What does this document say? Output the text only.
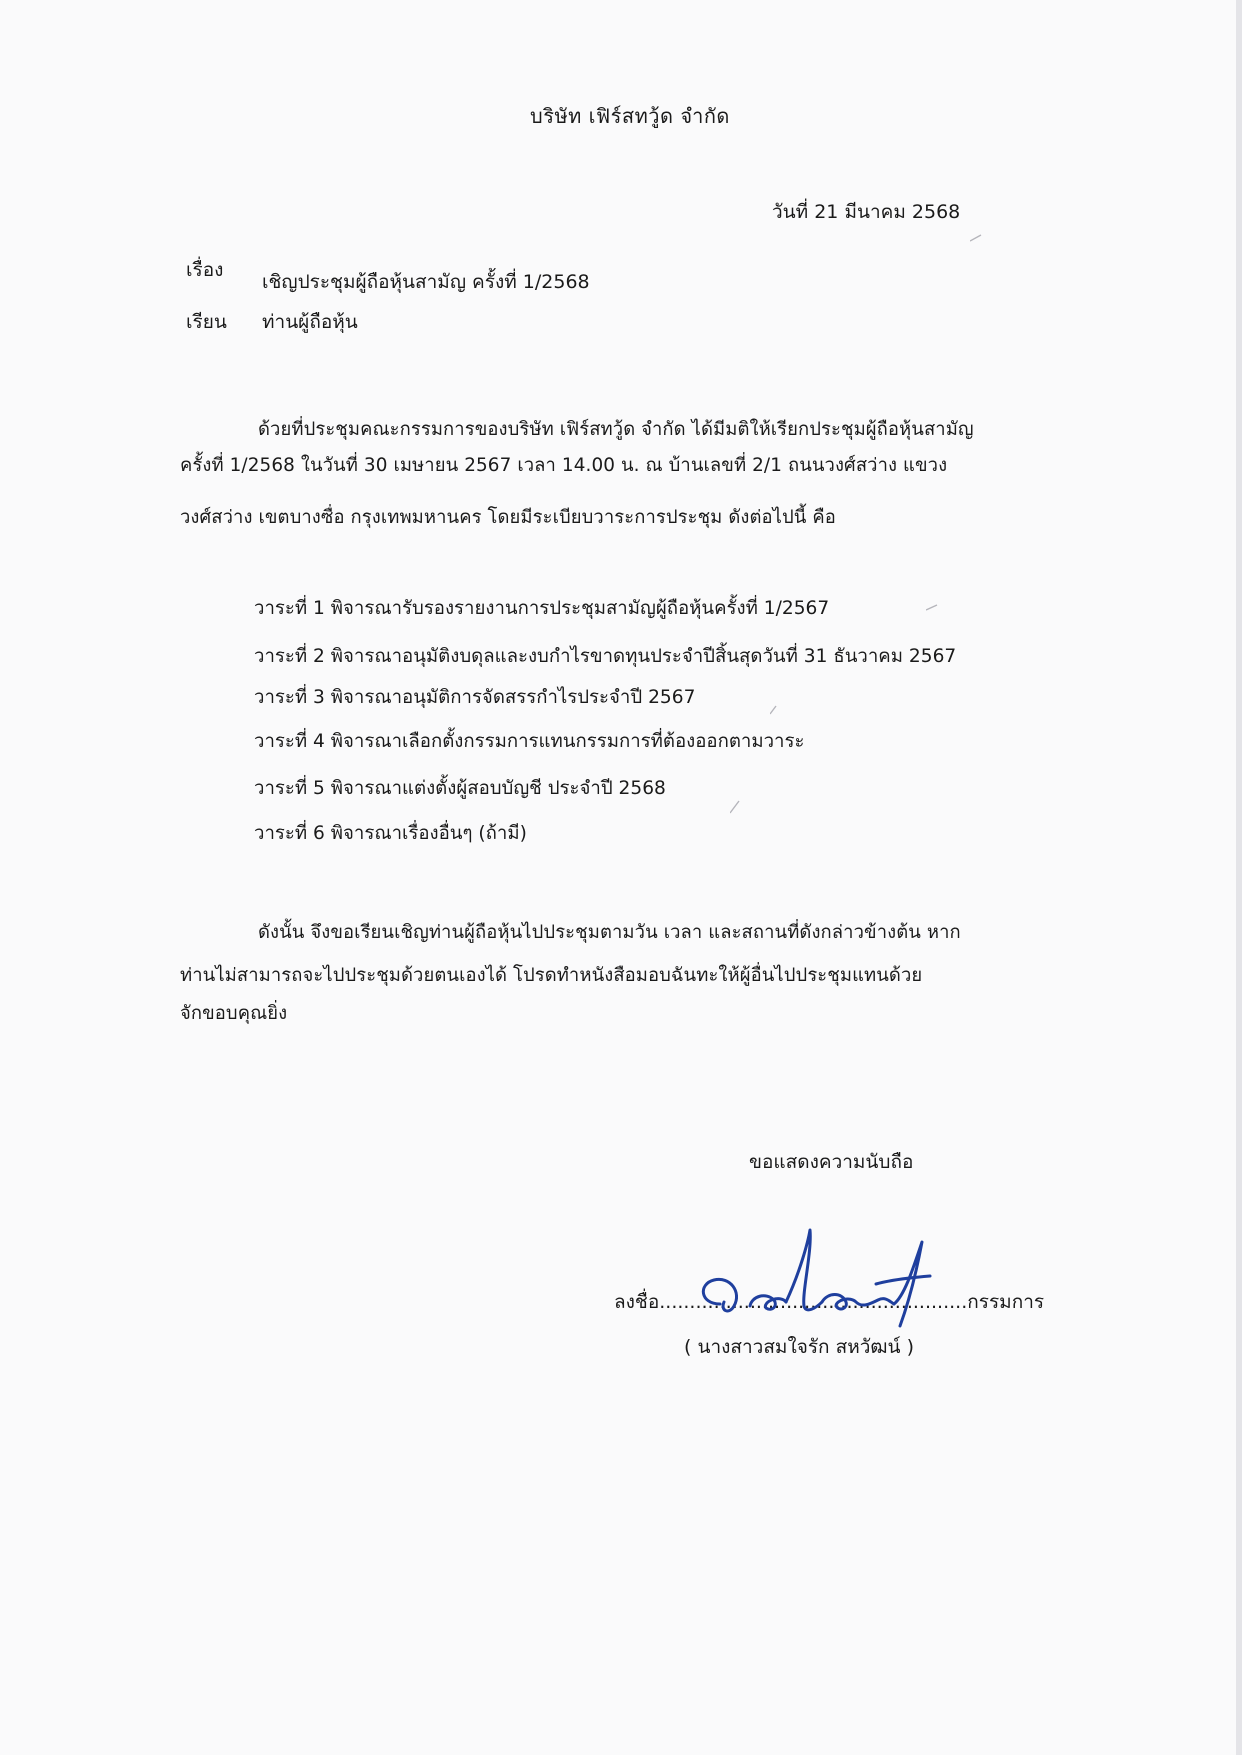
บริษัท เฟิร์สทวู้ด จำกัด
วันที่ 21 มีนาคม 2568
เรื่อง
เชิญประชุมผู้ถือหุ้นสามัญ ครั้งที่ 1/2568
เรียน ท่านผู้ถือหุ้น
ด้วยที่ประชุมคณะกรรมการของบริษัท เฟิร์สทวู้ด จำกัด ได้มีมติให้เรียกประชุมผู้ถือหุ้นสามัญ
ครั้งที่ 1/2568 ในวันที่ 30 เมษายน 2567 เวลา 14.00 น. ณ บ้านเลขที่ 2/1 ถนนวงศ์สว่าง แขวง
วงศ์สว่าง เขตบางซื่อ กรุงเทพมหานคร โดยมีระเบียบวาระการประชุม ดังต่อไปนี้ คือ
วาระที่ 1 พิจารณารับรองรายงานการประชุมสามัญผู้ถือหุ้นครั้งที่ 1/2567
วาระที่ 2 พิจารณาอนุมัติงบดุลและงบกำไรขาดทุนประจำปีสิ้นสุดวันที่ 31 ธันวาคม 2567
วาระที่ 3 พิจารณาอนุมัติการจัดสรรกำไรประจำปี 2567
วาระที่ 4 พิจารณาเลือกตั้งกรรมการแทนกรรมการที่ต้องออกตามวาระ
วาระที่ 5 พิจารณาแต่งตั้งผู้สอบบัญชี ประจำปี 2568
วาระที่ 6 พิจารณาเรื่องอื่นๆ (ถ้ามี)
ดังนั้น จึงขอเรียนเชิญท่านผู้ถือหุ้นไปประชุมตามวัน เวลา และสถานที่ดังกล่าวข้างต้น หาก
ท่านไม่สามารถจะไปประชุมด้วยตนเองได้ โปรดทำหนังสือมอบฉันทะให้ผู้อื่นไปประชุมแทนด้วย
จักขอบคุณยิ่ง
ขอแสดงความนับถือ
ลงชื่อ...................................................กรรมการ
( นางสาวสมใจรัก สหวัฒน์ )
